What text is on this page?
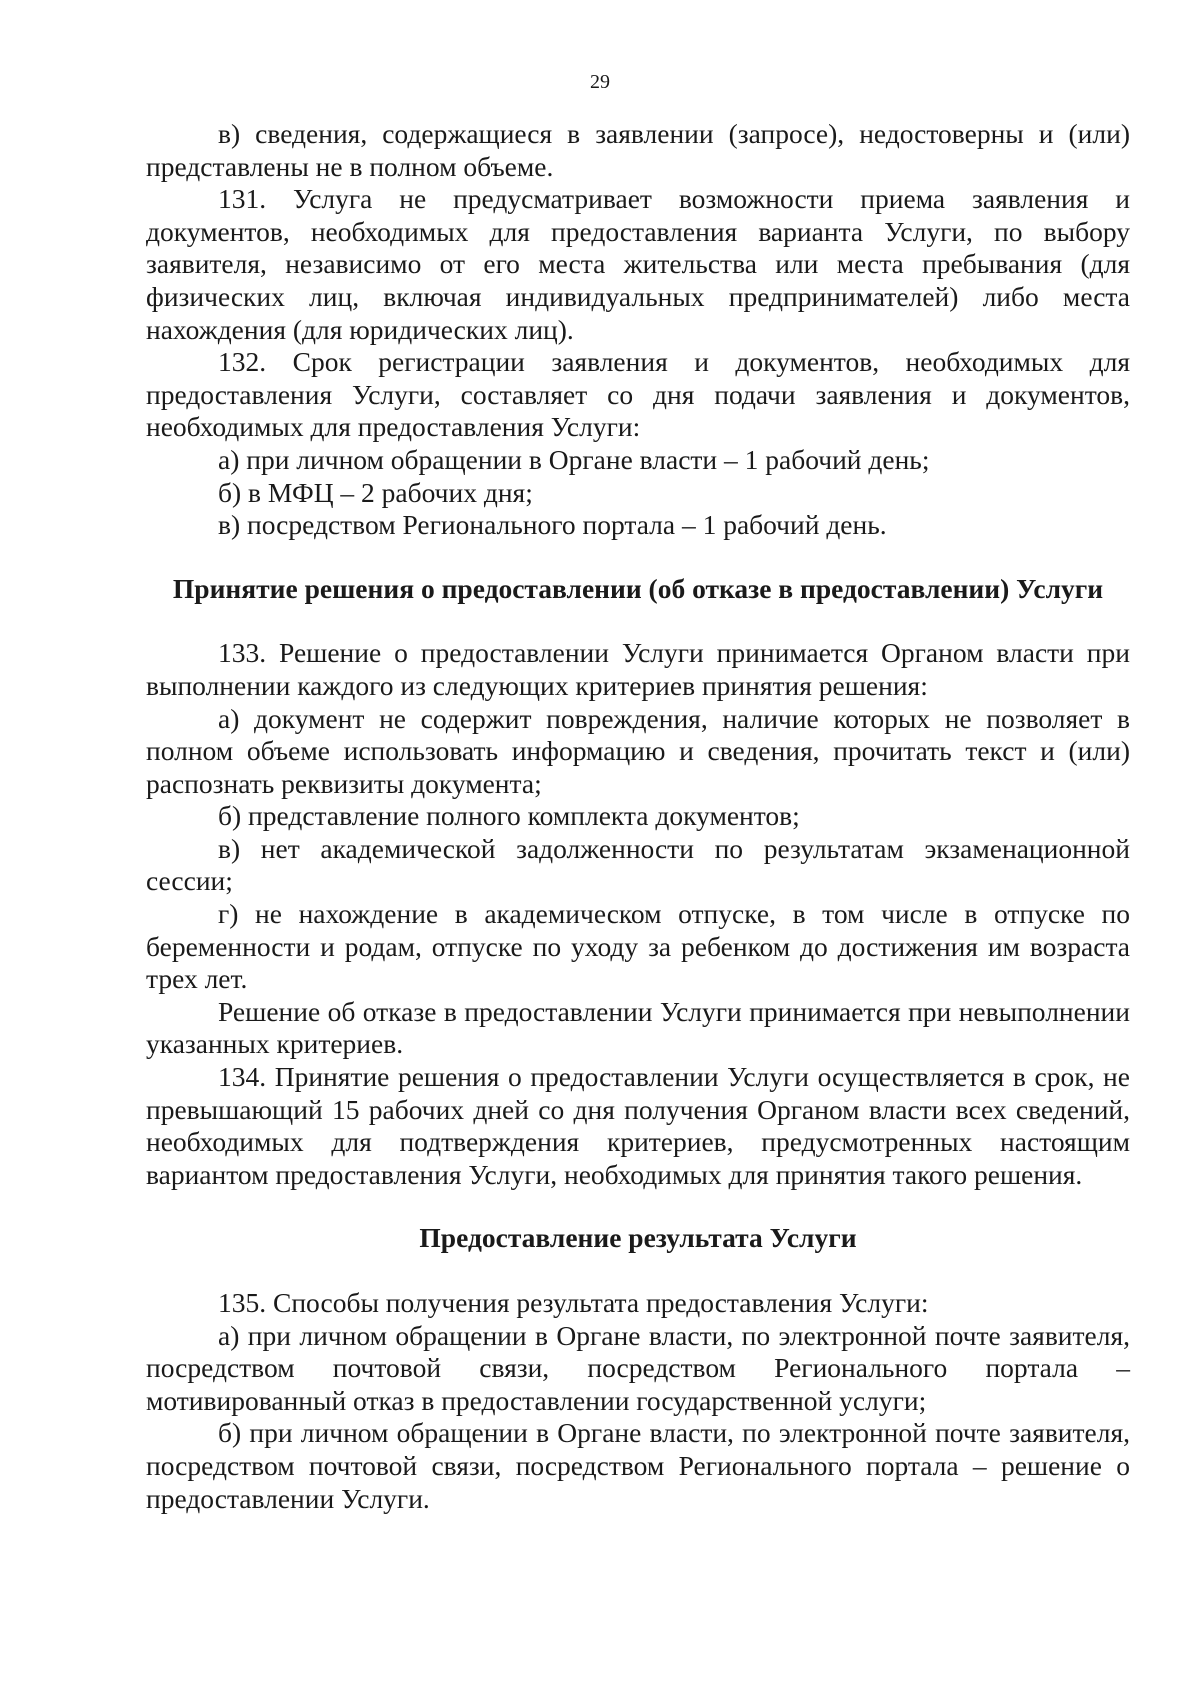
29

в) сведения, содержащиеся в заявлении (запросе), недостоверны и (или) представлены не в полном объеме.

131. Услуга не предусматривает возможности приема заявления и документов, необходимых для предоставления варианта Услуги, по выбору заявителя, независимо от его места жительства или места пребывания (для физических лиц, включая индивидуальных предпринимателей) либо места нахождения (для юридических лиц).

132. Срок регистрации заявления и документов, необходимых для предоставления Услуги, составляет со дня подачи заявления и документов, необходимых для предоставления Услуги:

а) при личном обращении в Органе власти – 1 рабочий день;

б) в МФЦ – 2 рабочих дня;

в) посредством Регионального портала – 1 рабочий день.

Принятие решения о предоставлении (об отказе в предоставлении) Услуги

133. Решение о предоставлении Услуги принимается Органом власти при выполнении каждого из следующих критериев принятия решения:

а) документ не содержит повреждения, наличие которых не позволяет в полном объеме использовать информацию и сведения, прочитать текст и (или) распознать реквизиты документа;

б) представление полного комплекта документов;

в) нет академической задолженности по результатам экзаменационной сессии;

г) не нахождение в академическом отпуске, в том числе в отпуске по беременности и родам, отпуске по уходу за ребенком до достижения им возраста трех лет.

Решение об отказе в предоставлении Услуги принимается при невыполнении указанных критериев.

134. Принятие решения о предоставлении Услуги осуществляется в срок, не превышающий 15 рабочих дней со дня получения Органом власти всех сведений, необходимых для подтверждения критериев, предусмотренных настоящим вариантом предоставления Услуги, необходимых для принятия такого решения.

Предоставление результата Услуги

135. Способы получения результата предоставления Услуги:

а) при личном обращении в Органе власти, по электронной почте заявителя, посредством почтовой связи, посредством Регионального портала – мотивированный отказ в предоставлении государственной услуги;

б) при личном обращении в Органе власти, по электронной почте заявителя, посредством почтовой связи, посредством Регионального портала – решение о предоставлении Услуги.
